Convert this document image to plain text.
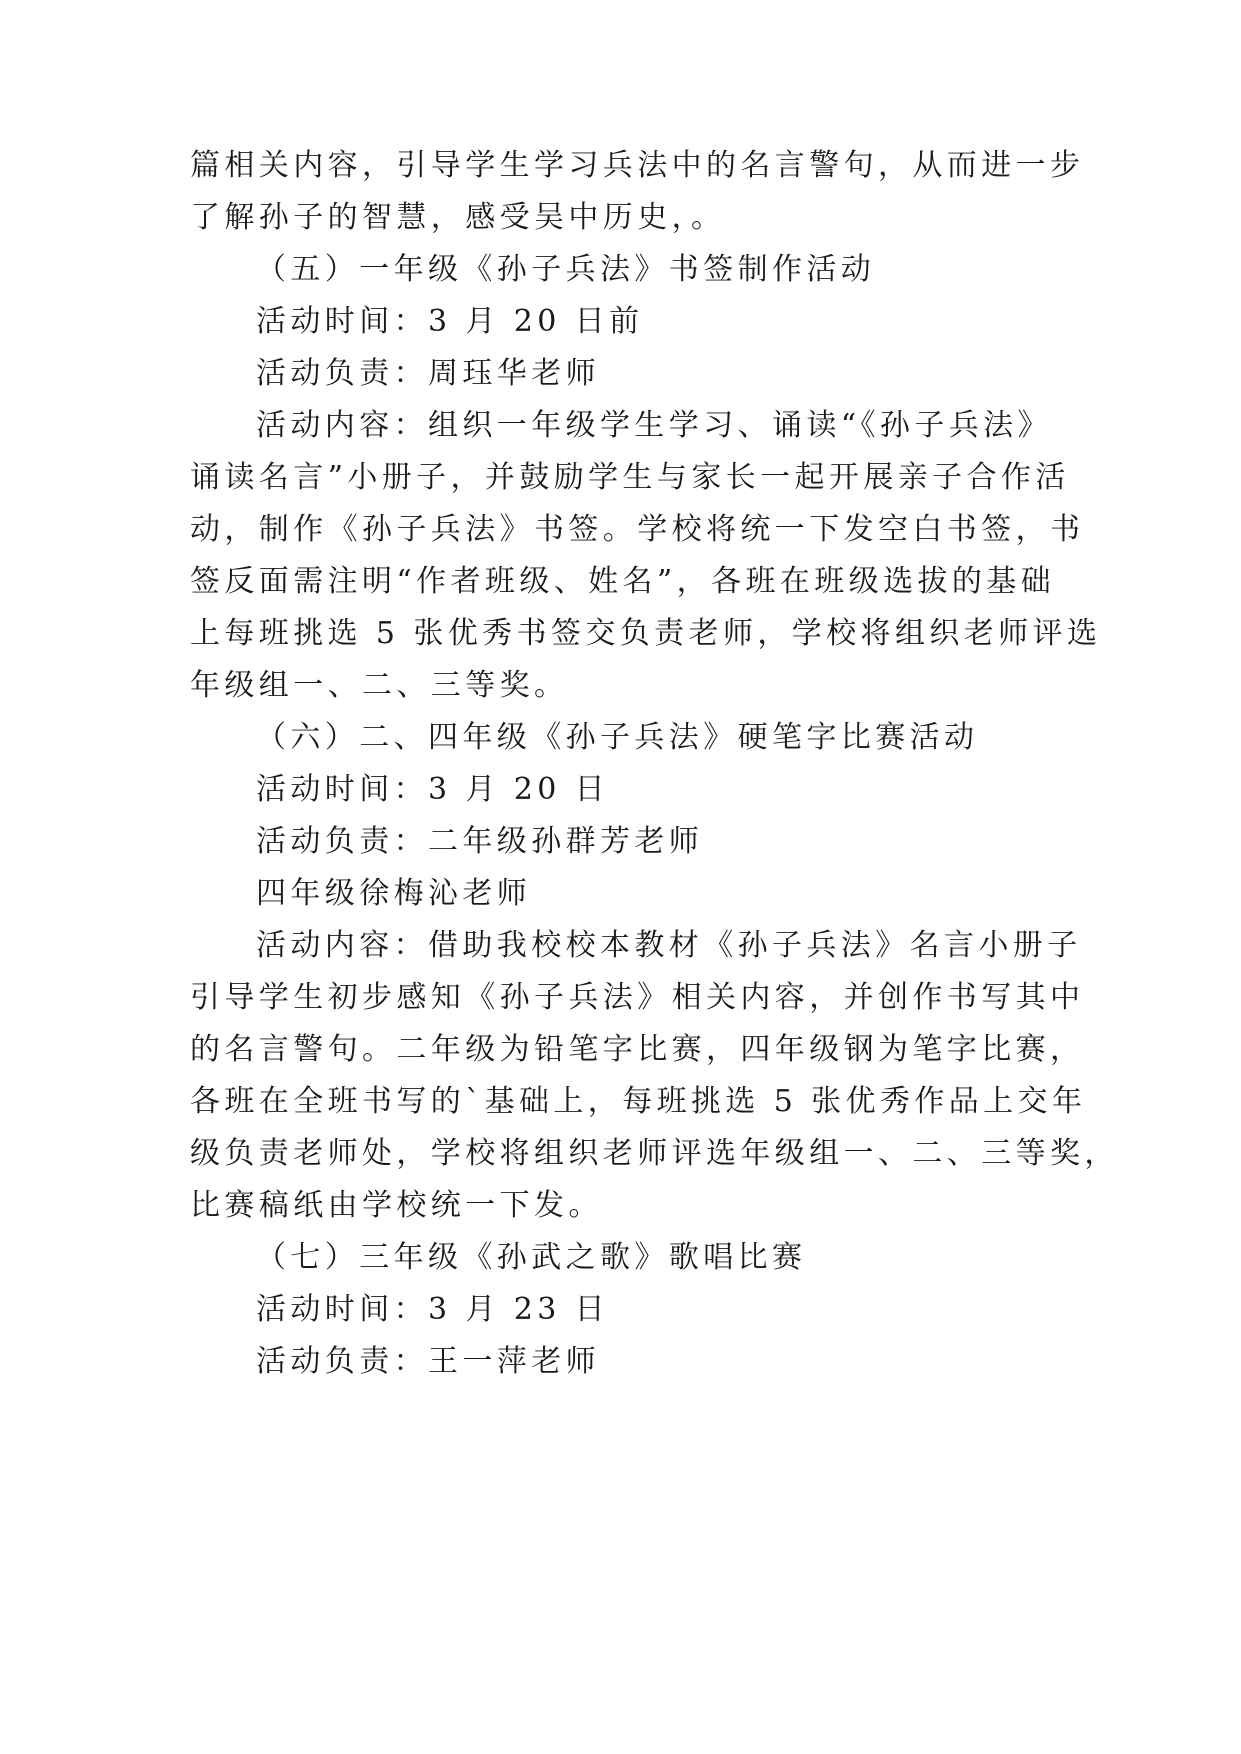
篇相关内容，引导学生学习兵法中的名言警句，从而进一步
了解孙子的智慧，感受吴中历史，。
（五）一年级《孙子兵法》书签制作活动
活动时间：3 月 20 日前
活动负责：周珏华老师
活动内容：组织一年级学生学习、诵读“《孙子兵法》
诵读名言”小册子，并鼓励学生与家长一起开展亲子合作活
动，制作《孙子兵法》书签。学校将统一下发空白书签，书
签反面需注明“作者班级、姓名”，各班在班级选拔的基础
上每班挑选 5 张优秀书签交负责老师，学校将组织老师评选
年级组一、二、三等奖。
（六）二、四年级《孙子兵法》硬笔字比赛活动
活动时间：3 月 20 日
活动负责：二年级孙群芳老师
四年级徐梅沁老师
活动内容：借助我校校本教材《孙子兵法》名言小册子
引导学生初步感知《孙子兵法》相关内容，并创作书写其中
的名言警句。二年级为铅笔字比赛，四年级钢为笔字比赛，
各班在全班书写的`基础上，每班挑选 5 张优秀作品上交年
级负责老师处，学校将组织老师评选年级组一、二、三等奖，
比赛稿纸由学校统一下发。
（七）三年级《孙武之歌》歌唱比赛
活动时间：3 月 23 日
活动负责：王一萍老师
